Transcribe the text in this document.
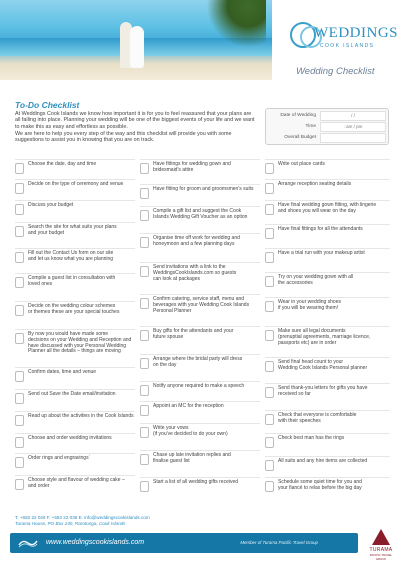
WEDDINGS
COOK ISLANDS
Wedding Checklist
To-Do Checklist

At Weddings Cook Islands we know how important it is for you to feel reassured that your plans are all falling into place. Planning your wedding will be one of the biggest events of your life and we want to make this as easy and effortless as possible.

We are here to help you every step of the way and this checklist will provide you with some suggestions to assist you in knowing that you are on track.

Date of Wedding	/ /
Time	: am / pm
Overall Budget
Choose the date, day and time
Decide on the type of ceremony and venue
Discuss your budget
Search the site for what suits your plans
and your budget
Fill out the Contact Us form on our site
and let us know what you are planning
Compile a guest list in consultation with
loved ones
Decide on the wedding colour schemes
or themes these are your special touches
By now you would have made some
decisions on your Wedding and Reception and
have discussed with your Personal Wedding
Planner all the details – things are moving
Confirm dates, time and venue
Send out Save the Date email/invitation
Read up about the activities in the Cook Islands
Choose and order wedding invitations
Order rings and engravings`
Choose style and flavour of wedding cake –
and order
Have fittings for wedding gown and
bridesmaid's attire
Have fitting for groom and groomsmen's suits
Compile a gift list and suggest the Cook
Islands Wedding Gift Voucher as an option
Organise time off work for wedding and
honeymoon and a few planning days
Send invitations with a link to the
WeddingsCookIslands.com so guests
can look at packages
Confirm catering, service staff, menu and
beverages with your Wedding Cook Islands
Personal Planner
Buy gifts for the attendants and your
future spouse
Arrange where the bridal party will dress
on the day
Notify anyone required to make a speech
Appoint an MC for the reception
Write your vows
(if you've decided to do your own)
Chase up late invitation replies and
finalise guest list
Start a list of all wedding gifts received
Write out place cards
Arrange reception seating details
Have final wedding gown fitting, with lingerie
and shoes you will wear on the day
Have final fittings for all the attendants
Have a trial run with your makeup artist
Try on your wedding gown with all
the accessories
Wear in your wedding shoes
if you will be wearing them!
Make sure all legal documents
(prenuptial agreements, marriage licence,
passports etc) are in order
Send final head count to your
Wedding Cook Islands Personal planner
Send thank-you letters for gifts you have
received so far
Check that everyone is comfortable
with their speeches
Check best man has the rings
All suits and any hire items are collected
Schedule some quiet time for you and
your fiancé to relax before the big day
T. +682 22 026 F. +682 22 036 E. info@weddingscookislands.com
Turama House, PO Box 240, Rarotonga, Cook Islands
www.weddingscookislands.com	Member of Turama Pacific Travel Group
TURAMA
PACIFIC TRAVEL GROUP
